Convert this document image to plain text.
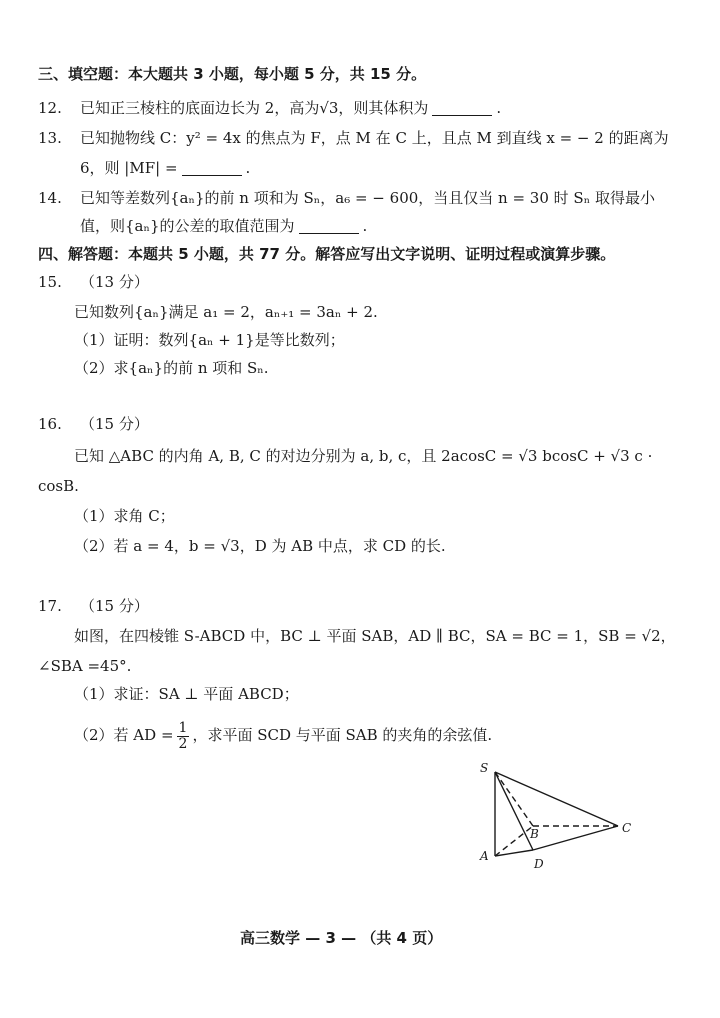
三、填空题：本大题共 3 小题，每小题 5 分，共 15 分。
12. 已知正三棱柱的底面边长为 2，高为√3，则其体积为	.
13. 已知抛物线 C：y² = 4x 的焦点为 F，点 M 在 C 上，且点 M 到直线 x = − 2 的距离为
6，则 |MF| =	.
14. 已知等差数列{aₙ}的前 n 项和为 Sₙ，a₆ = − 600，当且仅当 n = 30 时 Sₙ 取得最小
值，则{aₙ}的公差的取值范围为	.
四、解答题：本题共 5 小题，共 77 分。解答应写出文字说明、证明过程或演算步骤。
15. （13 分）
已知数列{aₙ}满足 a₁ = 2，aₙ₊₁ = 3aₙ + 2.
（1）证明：数列{aₙ + 1}是等比数列；
（2）求{aₙ}的前 n 项和 Sₙ.
16. （15 分）
已知 △ABC 的内角 A, B, C 的对边分别为 a, b, c，且 2acosC = √3 bcosC + √3 c ·
cosB.
（1）求角 C；
（2）若 a = 4，b = √3，D 为 AB 中点，求 CD 的长.
17. （15 分）
如图，在四棱锥 S-ABCD 中，BC ⊥ 平面 SAB，AD ∥ BC，SA = BC = 1，SB = √2，
∠SBA =45°.
（1）求证：SA ⊥ 平面 ABCD；
（2）若 AD = $\frac{1}{2}$ ，求平面 SCD 与平面 SAB 的夹角的余弦值.
S
A
B	C
D
高三数学 — 3 — （共 4 页）
